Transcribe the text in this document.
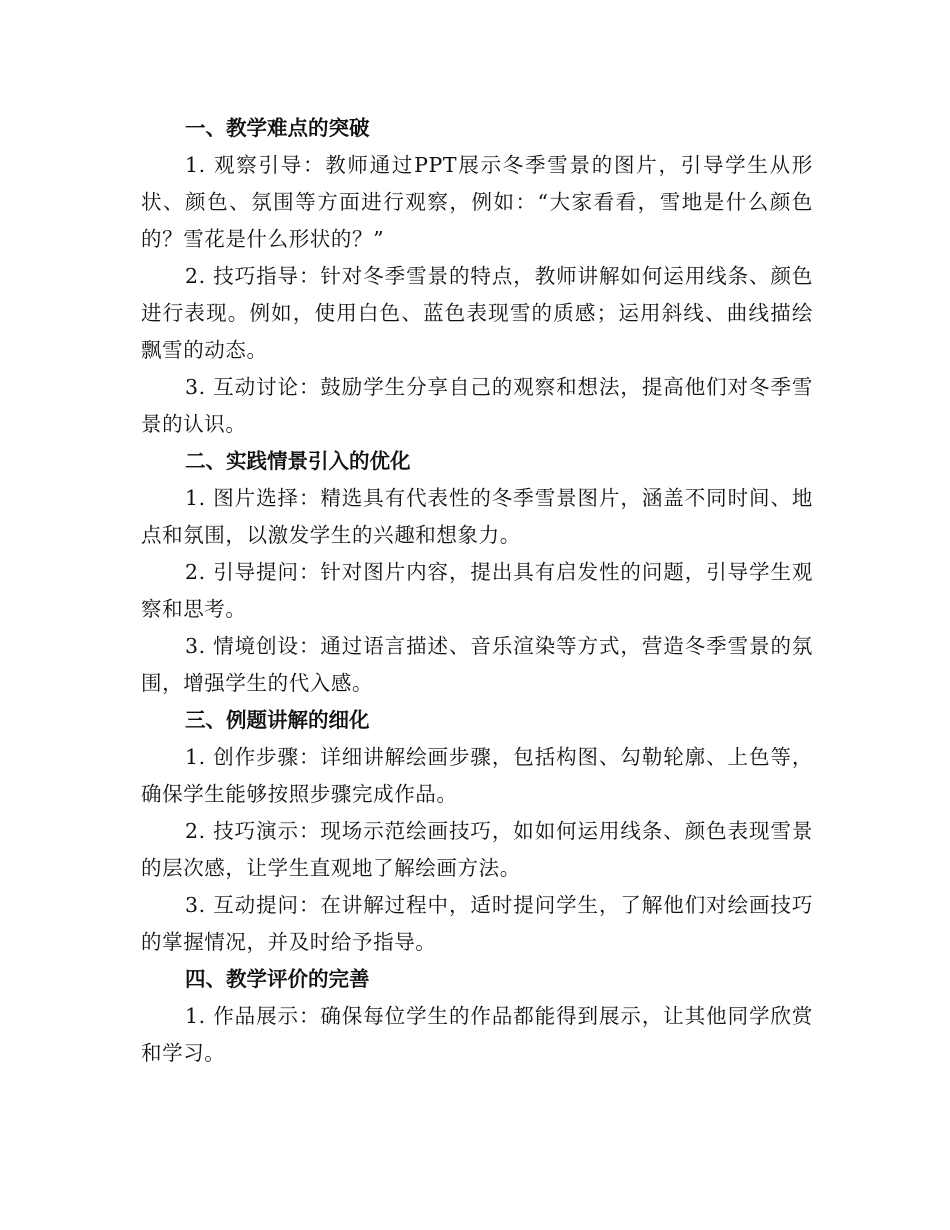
一、教学难点的突破

1. 观察引导：教师通过PPT展示冬季雪景的图片，引导学生从形状、颜色、氛围等方面进行观察，例如：“大家看看，雪地是什么颜色的？雪花是什么形状的？”

2. 技巧指导：针对冬季雪景的特点，教师讲解如何运用线条、颜色进行表现。例如，使用白色、蓝色表现雪的质感；运用斜线、曲线描绘飘雪的动态。

3. 互动讨论：鼓励学生分享自己的观察和想法，提高他们对冬季雪景的认识。

二、实践情景引入的优化

1. 图片选择：精选具有代表性的冬季雪景图片，涵盖不同时间、地点和氛围，以激发学生的兴趣和想象力。

2. 引导提问：针对图片内容，提出具有启发性的问题，引导学生观察和思考。

3. 情境创设：通过语言描述、音乐渲染等方式，营造冬季雪景的氛围，增强学生的代入感。

三、例题讲解的细化

1. 创作步骤：详细讲解绘画步骤，包括构图、勾勒轮廓、上色等，确保学生能够按照步骤完成作品。

2. 技巧演示：现场示范绘画技巧，如如何运用线条、颜色表现雪景的层次感，让学生直观地了解绘画方法。

3. 互动提问：在讲解过程中，适时提问学生，了解他们对绘画技巧的掌握情况，并及时给予指导。

四、教学评价的完善

1. 作品展示：确保每位学生的作品都能得到展示，让其他同学欣赏和学习。
